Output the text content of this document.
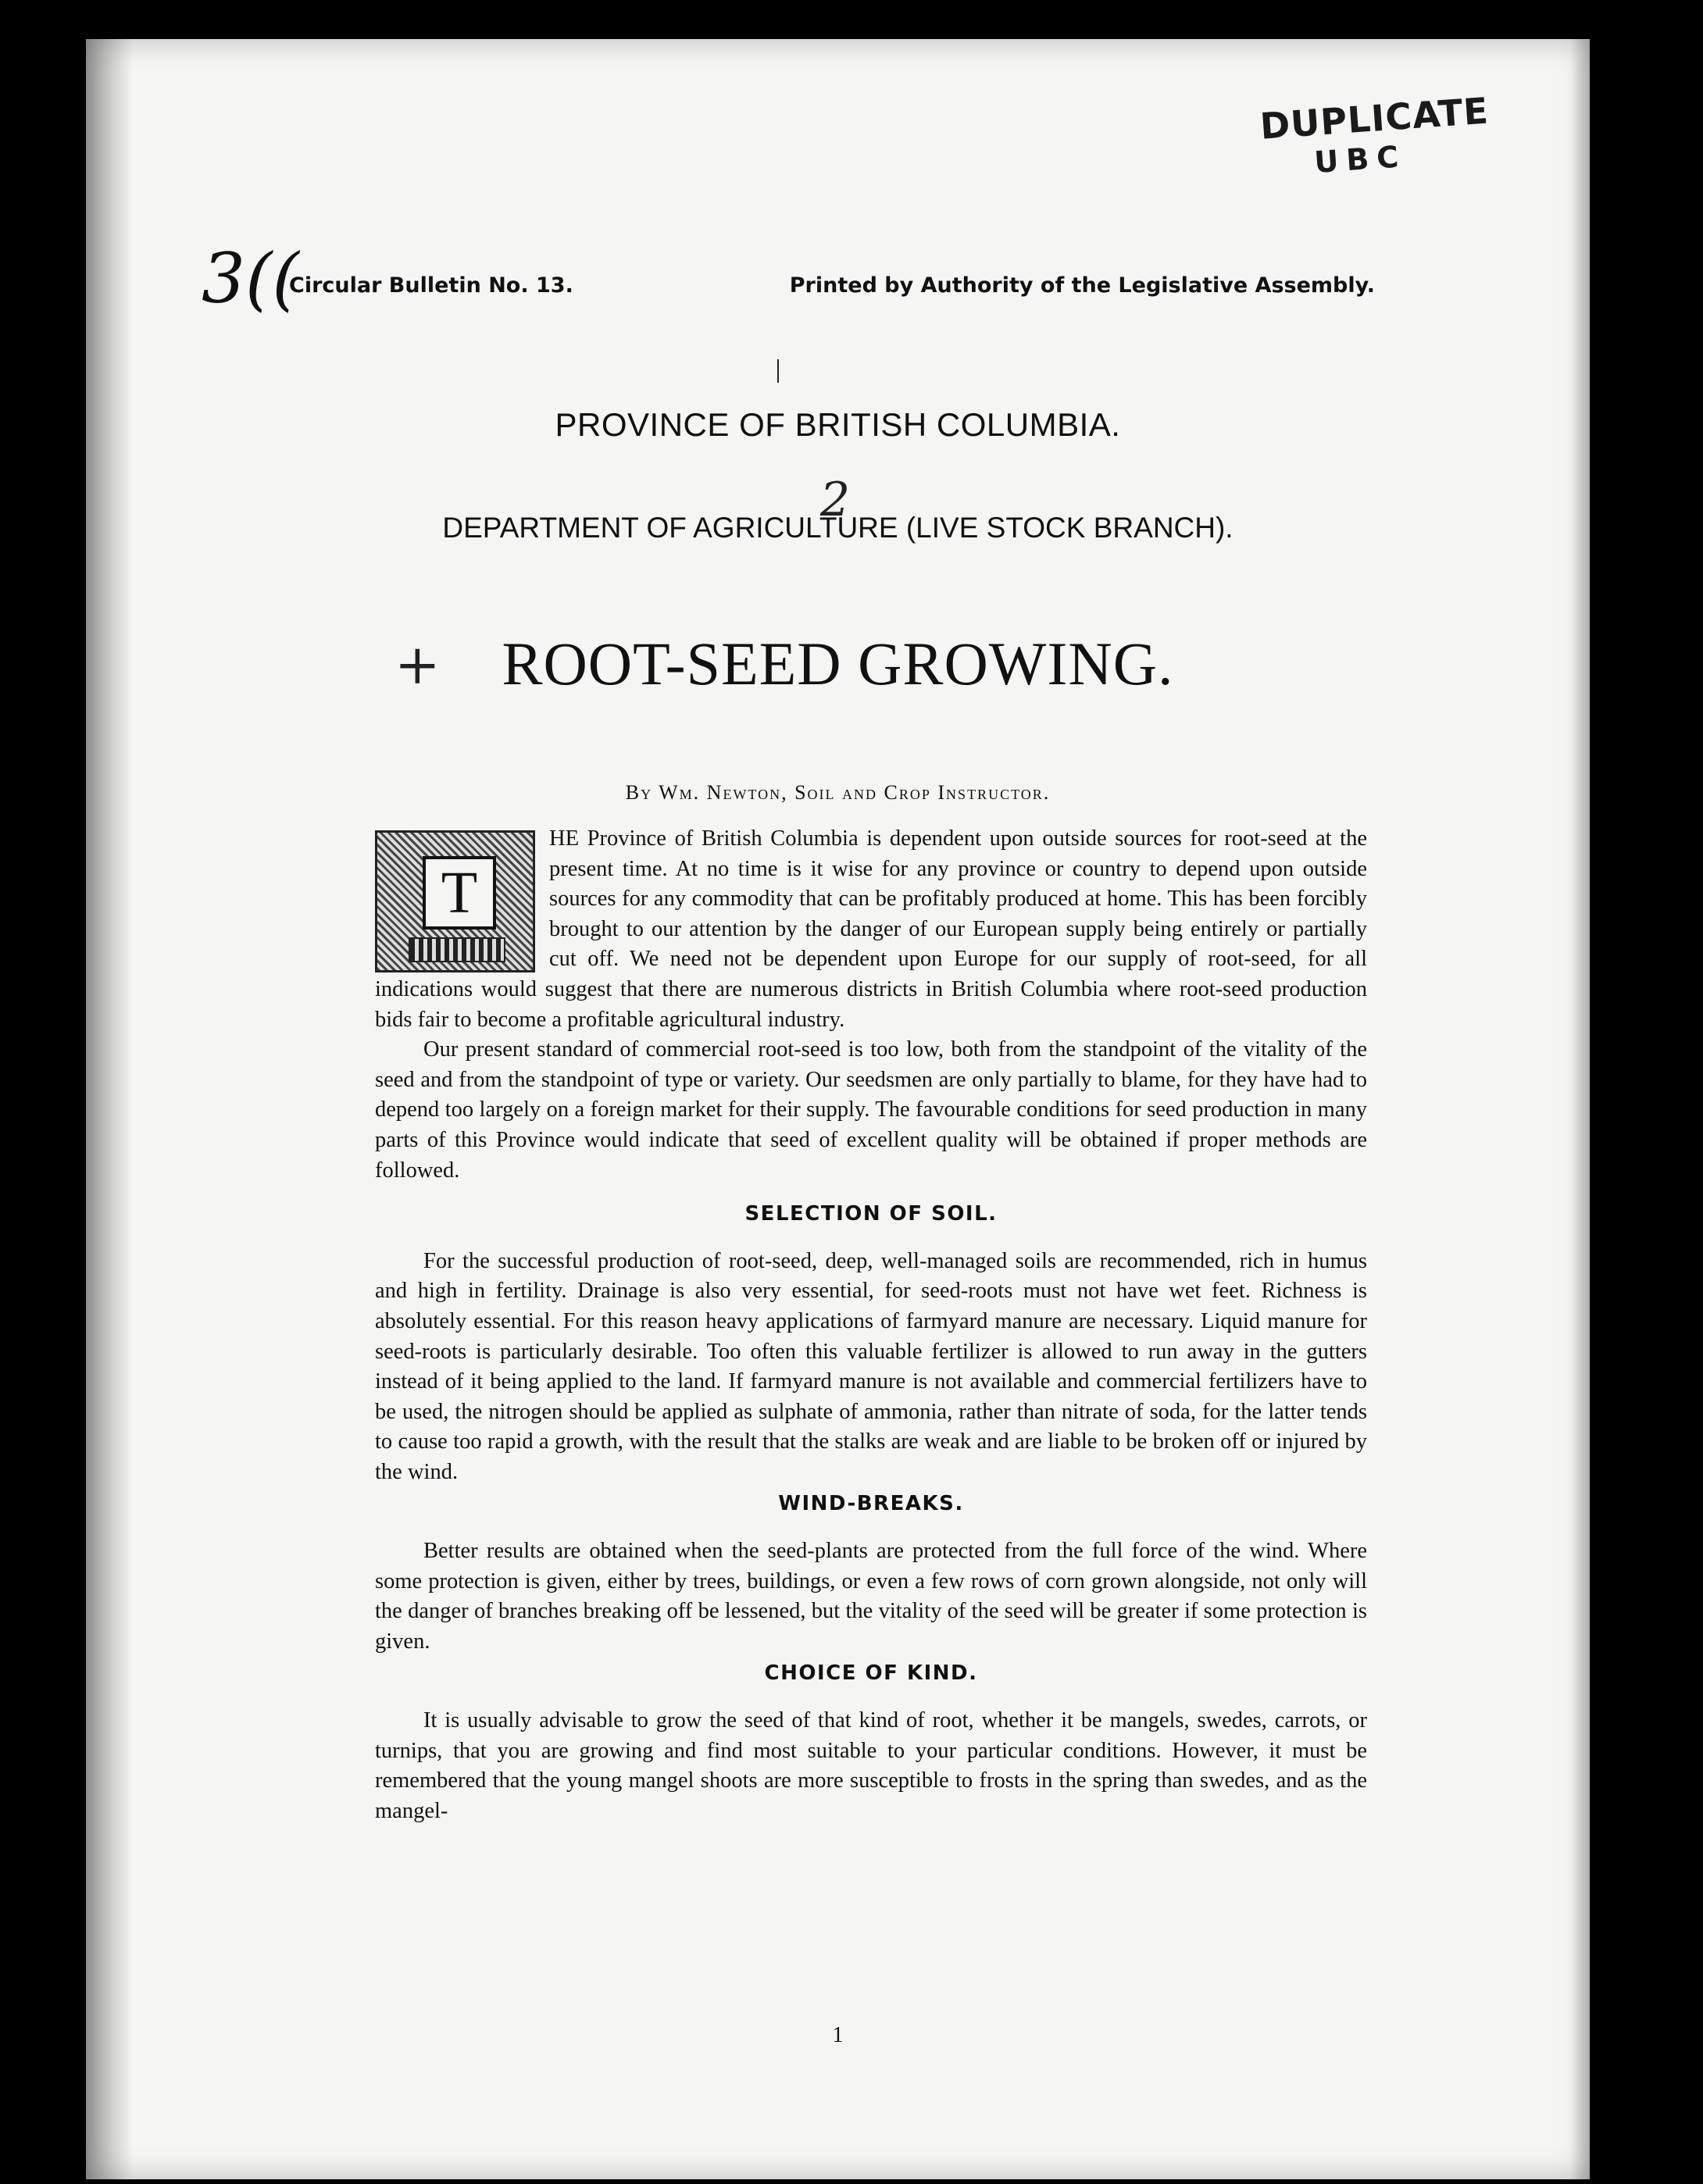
DUPLICATE
UBC
3((
2
+
Circular Bulletin No. 13.	Printed by Authority of the Legislative Assembly.
PROVINCE OF BRITISH COLUMBIA.
DEPARTMENT OF AGRICULTURE (LIVE STOCK BRANCH).
ROOT-SEED GROWING.
By Wm. Newton, Soil and Crop Instructor.
T

HE Province of British Columbia is dependent upon outside sources for root-seed at the present time. At no time is it wise for any province or country to depend upon outside sources for any commodity that can be profitably produced at home. This has been forcibly brought to our attention by the danger of our European supply being entirely or partially cut off. We need not be dependent upon Europe for our supply of root-seed, for all indications would suggest that there are numerous districts in British Columbia where root-seed production bids fair to become a profitable agricultural industry.

Our present standard of commercial root-seed is too low, both from the standpoint of the vitality of the seed and from the standpoint of type or variety. Our seedsmen are only partially to blame, for they have had to depend too largely on a foreign market for their supply. The favourable conditions for seed production in many parts of this Province would indicate that seed of excellent quality will be obtained if proper methods are followed.

SELECTION OF SOIL.

For the successful production of root-seed, deep, well-managed soils are recommended, rich in humus and high in fertility. Drainage is also very essential, for seed-roots must not have wet feet. Richness is absolutely essential. For this reason heavy applications of farmyard manure are necessary. Liquid manure for seed-roots is particularly desirable. Too often this valuable fertilizer is allowed to run away in the gutters instead of it being applied to the land. If farmyard manure is not available and commercial fertilizers have to be used, the nitrogen should be applied as sulphate of ammonia, rather than nitrate of soda, for the latter tends to cause too rapid a growth, with the result that the stalks are weak and are liable to be broken off or injured by the wind.

WIND-BREAKS.

Better results are obtained when the seed-plants are protected from the full force of the wind. Where some protection is given, either by trees, buildings, or even a few rows of corn grown alongside, not only will the danger of branches breaking off be lessened, but the vitality of the seed will be greater if some protection is given.

CHOICE OF KIND.

It is usually advisable to grow the seed of that kind of root, whether it be mangels, swedes, carrots, or turnips, that you are growing and find most suitable to your particular conditions. However, it must be remembered that the young mangel shoots are more susceptible to frosts in the spring than swedes, and as the mangel-

1
